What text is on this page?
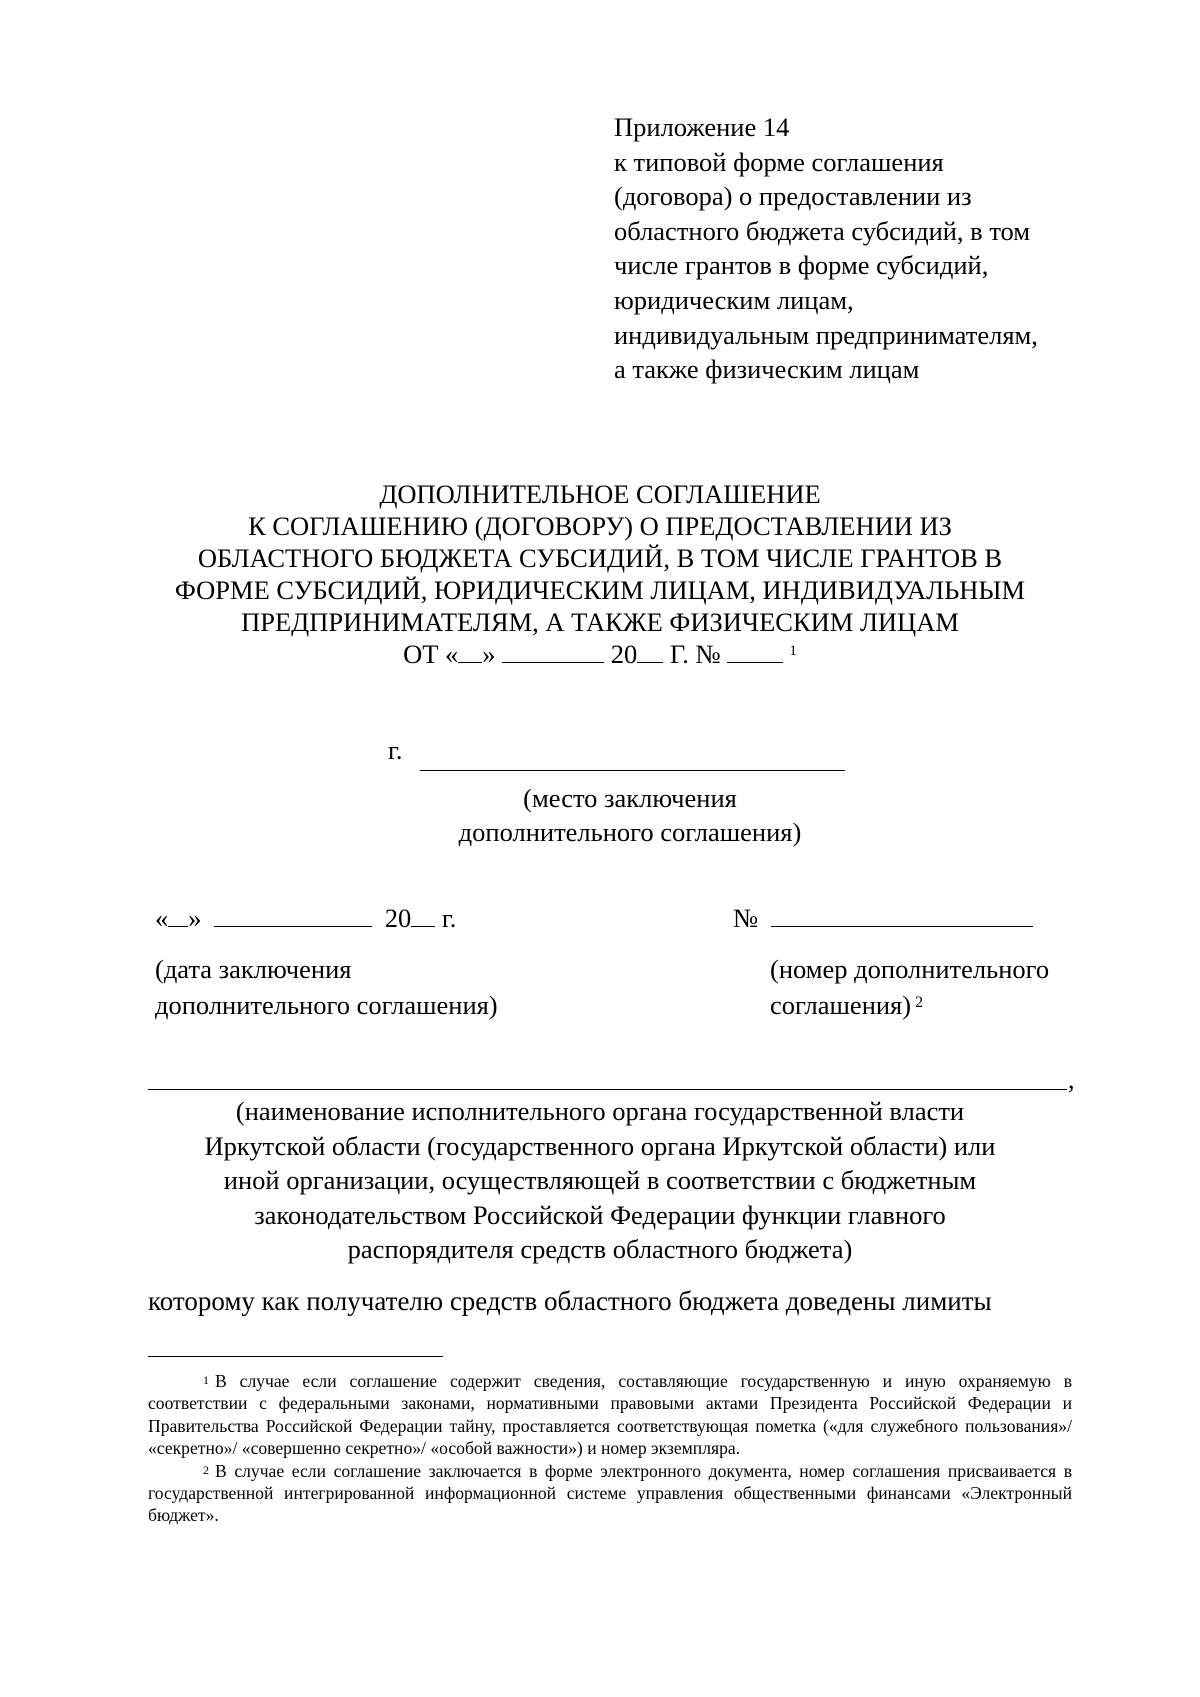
Приложение 14
к типовой форме соглашения
(договора) о предоставлении из
областного бюджета субсидий, в том
числе грантов в форме субсидий,
юридическим лицам,
индивидуальным предпринимателям,
а также физическим лицам
ДОПОЛНИТЕЛЬНОЕ СОГЛАШЕНИЕ
К СОГЛАШЕНИЮ (ДОГОВОРУ) О ПРЕДОСТАВЛЕНИИ ИЗ
ОБЛАСТНОГО БЮДЖЕТА СУБСИДИЙ, В ТОМ ЧИСЛЕ ГРАНТОВ В
ФОРМЕ СУБСИДИЙ, ЮРИДИЧЕСКИМ ЛИЦАМ, ИНДИВИДУАЛЬНЫМ
ПРЕДПРИНИМАТЕЛЯМ, А ТАКЖЕ ФИЗИЧЕСКИМ ЛИЦАМ
ОТ « »	20 Г. №	$^1$
г.
(место заключения
дополнительного соглашения)
« »	20 г.	№
(дата заключения
дополнительного соглашения)
(номер дополнительного
соглашения) $^2$
,
(наименование исполнительного органа государственной власти
Иркутской области (государственного органа Иркутской области) или
иной организации, осуществляющей в соответствии с бюджетным
законодательством Российской Федерации функции главного
распорядителя средств областного бюджета)
которому как получателю средств областного бюджета доведены лимиты

$^1$ В случае если соглашение содержит сведения, составляющие государственную и иную охраняемую в соответствии с федеральными законами, нормативными правовыми актами Президента Российской Федерации и Правительства Российской Федерации тайну, проставляется соответствующая пометка («для служебного пользования»/ «секретно»/ «совершенно секретно»/ «особой важности») и номер экземпляра.

$^2$ В случае если соглашение заключается в форме электронного документа, номер соглашения присваивается в государственной интегрированной информационной системе управления общественными финансами «Электронный бюджет».
